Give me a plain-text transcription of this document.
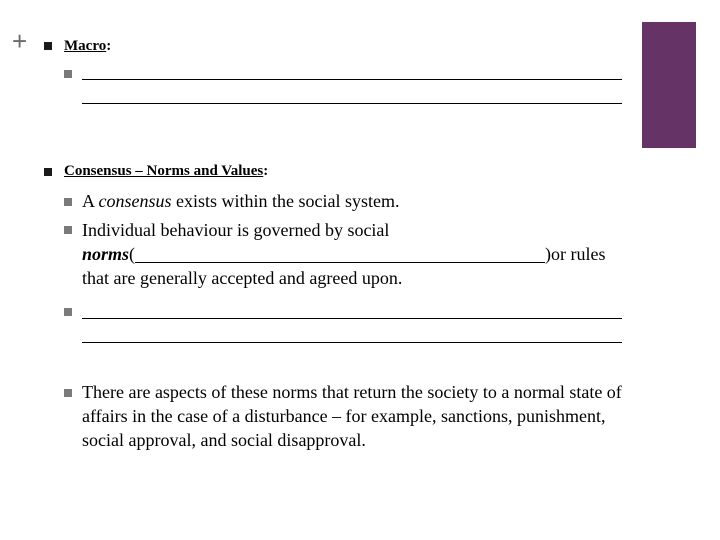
+ Macro:
Consensus – Norms and Values:
A consensus exists within the social system.
Individual behaviour is governed by social
norms(	)or rules
that are generally accepted and agreed upon.
There are aspects of these norms that return the society to a normal state of affairs in the case of a disturbance – for example, sanctions, punishment, social approval, and social disapproval.
